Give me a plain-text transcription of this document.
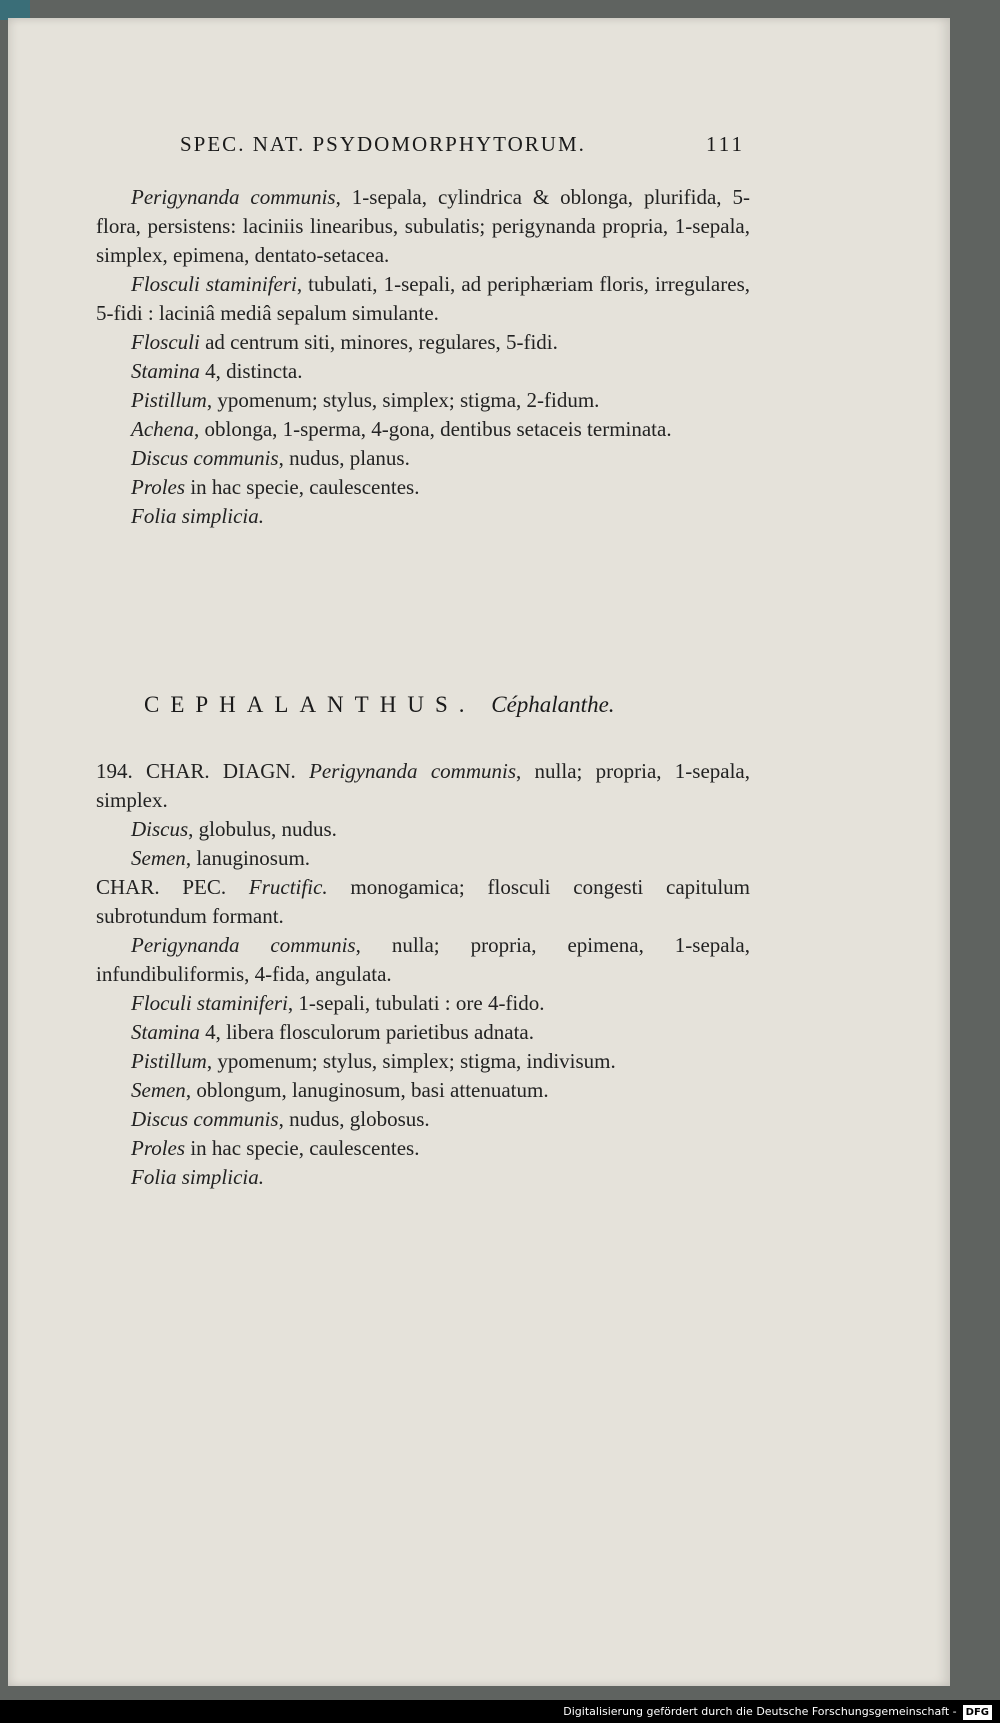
SPEC. NAT. PSYDOMORPHYTORUM.	111

Perigynanda communis, 1-sepala, cylindrica & oblonga, plurifida, 5-flora, persistens: laciniis linearibus, subulatis; perigynanda propria, 1-sepala, simplex, epimena, dentato-setacea.

Flosculi staminiferi, tubulati, 1-sepali, ad periphæriam floris, irregulares, 5-fidi : laciniâ mediâ sepalum simulante.

Flosculi ad centrum siti, minores, regulares, 5-fidi.

Stamina 4, distincta.

Pistillum, ypomenum; stylus, simplex; stigma, 2-fidum.

Achena, oblonga, 1-sperma, 4-gona, dentibus setaceis terminata.

Discus communis, nudus, planus.

Proles in hac specie, caulescentes.

Folia simplicia.

CEPHALANTHUS. Céphalanthe.

194. CHAR. DIAGN. Perigynanda communis, nulla; propria, 1-sepala, simplex.

Discus, globulus, nudus.

Semen, lanuginosum.

CHAR. PEC. Fructific. monogamica; flosculi congesti capitulum subrotundum formant.

Perigynanda communis, nulla; propria, epimena, 1-sepala, infundibuliformis, 4-fida, angulata.

Floculi staminiferi, 1-sepali, tubulati : ore 4-fido.

Stamina 4, libera flosculorum parietibus adnata.

Pistillum, ypomenum; stylus, simplex; stigma, indivisum.

Semen, oblongum, lanuginosum, basi attenuatum.

Discus communis, nudus, globosus.

Proles in hac specie, caulescentes.

Folia simplicia.

Digitalisierung gefördert durch die Deutsche Forschungsgemeinschaft - DFG
